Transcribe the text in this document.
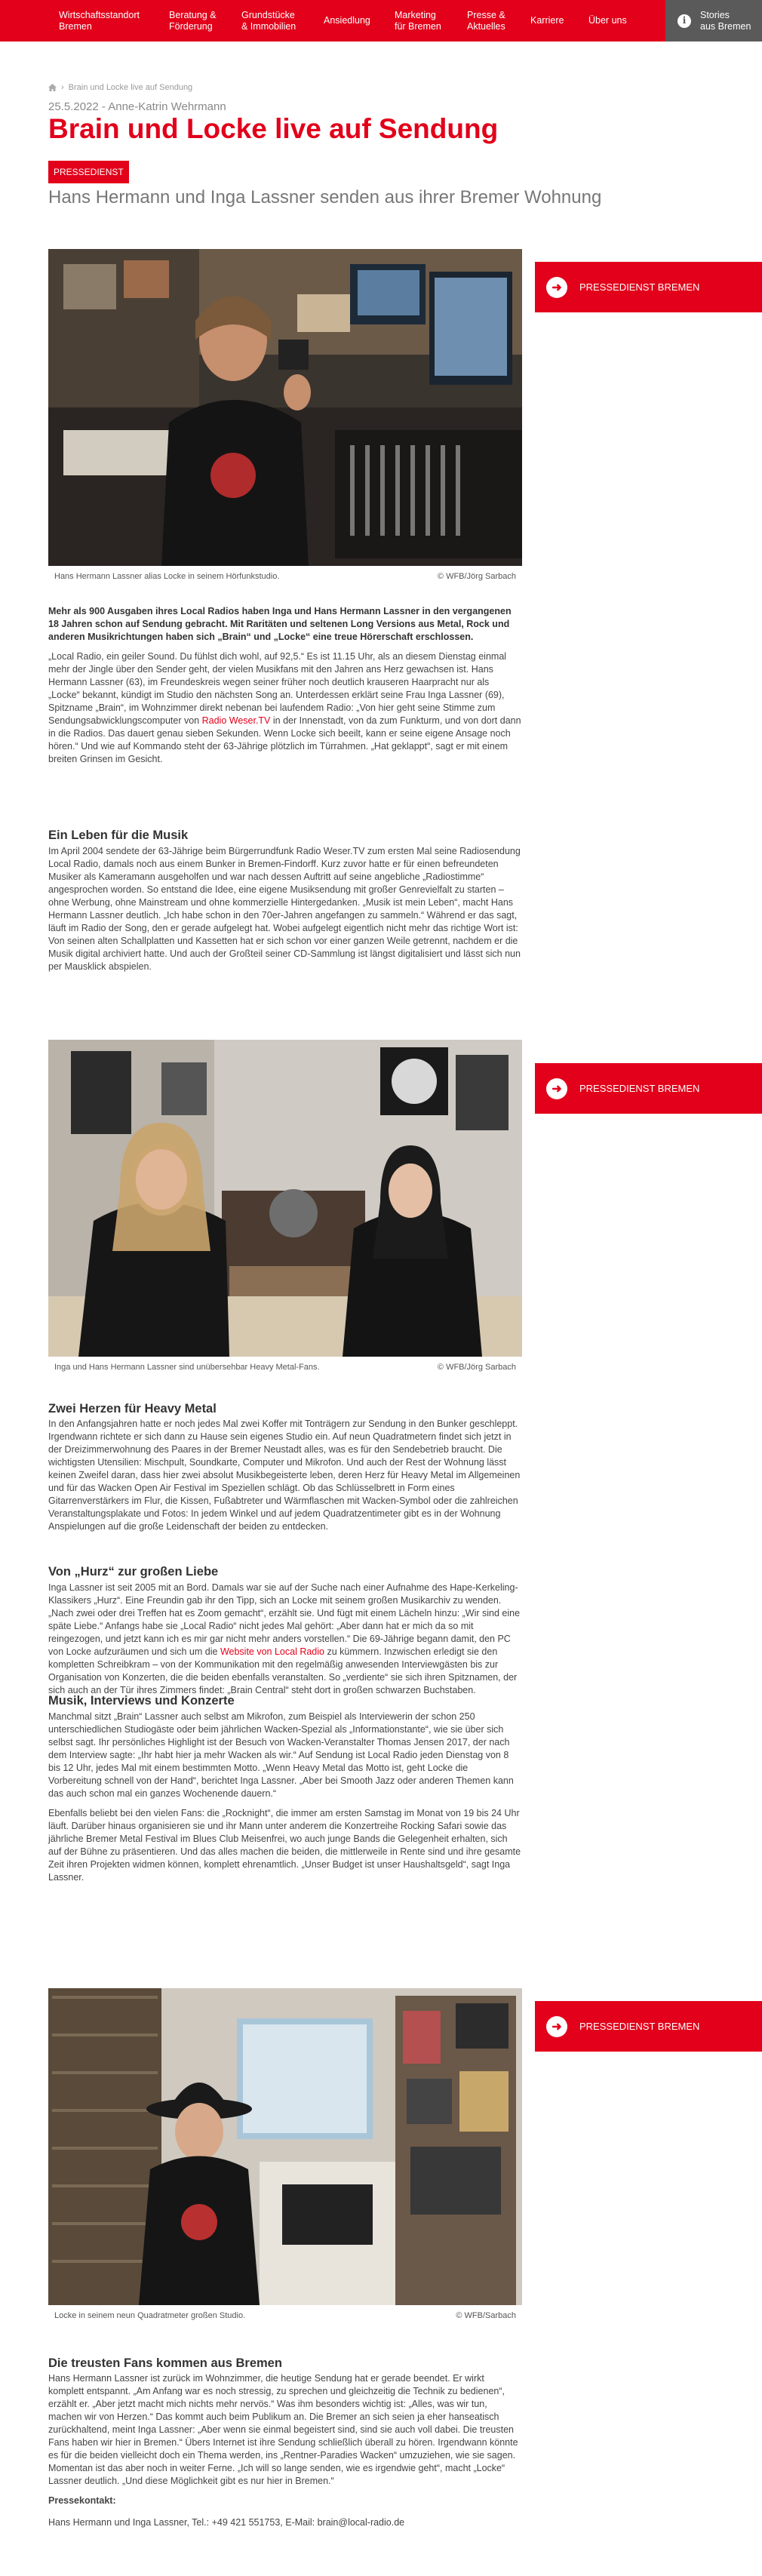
Wirtschaftsstandort
Bremen
Beratung &
Förderung
Grundstücke
& Immobilien
Ansiedlung
Marketing
für Bremen
Presse &
Aktuelles
Karriere	Über uns	i
Stories
aus Bremen
› Brain und Locke live auf Sendung
25.5.2022 - Anne-Katrin Wehrmann
Brain und Locke live auf Sendung
PRESSEDIENST
Hans Hermann und Inga Lassner senden aus ihrer Bremer Wohnung
Hans Hermann Lassner alias Locke in seinem Hörfunkstudio.	© WFB/Jörg Sarbach
➜	PRESSEDIENST BREMEN

Mehr als 900 Ausgaben ihres Local Radios haben Inga und Hans Hermann Lassner in den vergangenen 18 Jahren schon auf Sendung gebracht. Mit Raritäten und seltenen Long Versions aus Metal, Rock und anderen Musikrichtungen haben sich „Brain“ und „Locke“ eine treue Hörerschaft erschlossen.

„Local Radio, ein geiler Sound. Du fühlst dich wohl, auf 92,5.“ Es ist 11.15 Uhr, als an diesem Dienstag einmal mehr der Jingle über den Sender geht, der vielen Musikfans mit den Jahren ans Herz gewachsen ist. Hans Hermann Lassner (63), im Freundeskreis wegen seiner früher noch deutlich krauseren Haarpracht nur als „Locke“ bekannt, kündigt im Studio den nächsten Song an. Unterdessen erklärt seine Frau Inga Lassner (69), Spitzname „Brain“, im Wohnzimmer direkt nebenan bei laufendem Radio: „Von hier geht seine Stimme zum Sendungsabwicklungscomputer von Radio Weser.TV in der Innenstadt, von da zum Funkturm, und von dort dann in die Radios. Das dauert genau sieben Sekunden. Wenn Locke sich beeilt, kann er seine eigene Ansage noch hören.“ Und wie auf Kommando steht der 63-Jährige plötzlich im Türrahmen. „Hat geklappt“, sagt er mit einem breiten Grinsen im Gesicht.

Ein Leben für die Musik

Im April 2004 sendete der 63-Jährige beim Bürgerrundfunk Radio Weser.TV zum ersten Mal seine Radiosendung Local Radio, damals noch aus einem Bunker in Bremen-Findorff. Kurz zuvor hatte er für einen befreundeten Musiker als Kameramann ausgeholfen und war nach dessen Auftritt auf seine angebliche „Radiostimme“ angesprochen worden. So entstand die Idee, eine eigene Musiksendung mit großer Genrevielfalt zu starten – ohne Werbung, ohne Mainstream und ohne kommerzielle Hintergedanken. „Musik ist mein Leben“, macht Hans Hermann Lassner deutlich. „Ich habe schon in den 70er-Jahren angefangen zu sammeln.“ Während er das sagt, läuft im Radio der Song, den er gerade aufgelegt hat. Wobei aufgelegt eigentlich nicht mehr das richtige Wort ist: Von seinen alten Schallplatten und Kassetten hat er sich schon vor einer ganzen Weile getrennt, nachdem er die Musik digital archiviert hatte. Und auch der Großteil seiner CD-Sammlung ist längst digitalisiert und lässt sich nun per Mausklick abspielen.

Inga und Hans Hermann Lassner sind unübersehbar Heavy Metal-Fans.	© WFB/Jörg Sarbach
➜	PRESSEDIENST BREMEN
Zwei Herzen für Heavy Metal

In den Anfangsjahren hatte er noch jedes Mal zwei Koffer mit Tonträgern zur Sendung in den Bunker geschleppt. Irgendwann richtete er sich dann zu Hause sein eigenes Studio ein. Auf neun Quadratmetern findet sich jetzt in der Dreizimmerwohnung des Paares in der Bremer Neustadt alles, was es für den Sendebetrieb braucht. Die wichtigsten Utensilien: Mischpult, Soundkarte, Computer und Mikrofon. Und auch der Rest der Wohnung lässt keinen Zweifel daran, dass hier zwei absolut Musikbegeisterte leben, deren Herz für Heavy Metal im Allgemeinen und für das Wacken Open Air Festival im Speziellen schlägt. Ob das Schlüsselbrett in Form eines Gitarrenverstärkers im Flur, die Kissen, Fußabtreter und Wärmflaschen mit Wacken-Symbol oder die zahlreichen Veranstaltungsplakate und Fotos: In jedem Winkel und auf jedem Quadratzentimeter gibt es in der Wohnung Anspielungen auf die große Leidenschaft der beiden zu entdecken.

Von „Hurz“ zur großen Liebe

Inga Lassner ist seit 2005 mit an Bord. Damals war sie auf der Suche nach einer Aufnahme des Hape-Kerkeling-Klassikers „Hurz“. Eine Freundin gab ihr den Tipp, sich an Locke mit seinem großen Musikarchiv zu wenden. „Nach zwei oder drei Treffen hat es Zoom gemacht“, erzählt sie. Und fügt mit einem Lächeln hinzu: „Wir sind eine späte Liebe.“ Anfangs habe sie „Local Radio“ nicht jedes Mal gehört: „Aber dann hat er mich da so mit reingezogen, und jetzt kann ich es mir gar nicht mehr anders vorstellen.“ Die 69-Jährige begann damit, den PC von Locke aufzuräumen und sich um die Website von Local Radio zu kümmern. Inzwischen erledigt sie den kompletten Schreibkram – von der Kommunikation mit den regelmäßig anwesenden Interviewgästen bis zur Organisation von Konzerten, die die beiden ebenfalls veranstalten. So „verdiente“ sie sich ihren Spitznamen, der sich auch an der Tür ihres Zimmers findet: „Brain Central“ steht dort in großen schwarzen Buchstaben.

Musik, Interviews und Konzerte

Manchmal sitzt „Brain“ Lassner auch selbst am Mikrofon, zum Beispiel als Interviewerin der schon 250 unterschiedlichen Studiogäste oder beim jährlichen Wacken-Spezial als „Informationstante“, wie sie über sich selbst sagt. Ihr persönliches Highlight ist der Besuch von Wacken-Veranstalter Thomas Jensen 2017, der nach dem Interview sagte: „Ihr habt hier ja mehr Wacken als wir.“ Auf Sendung ist Local Radio jeden Dienstag von 8 bis 12 Uhr, jedes Mal mit einem bestimmten Motto. „Wenn Heavy Metal das Motto ist, geht Locke die Vorbereitung schnell von der Hand“, berichtet Inga Lassner. „Aber bei Smooth Jazz oder anderen Themen kann das auch schon mal ein ganzes Wochenende dauern.“

Ebenfalls beliebt bei den vielen Fans: die „Rocknight“, die immer am ersten Samstag im Monat von 19 bis 24 Uhr läuft. Darüber hinaus organisieren sie und ihr Mann unter anderem die Konzertreihe Rocking Safari sowie das jährliche Bremer Metal Festival im Blues Club Meisenfrei, wo auch junge Bands die Gelegenheit erhalten, sich auf der Bühne zu präsentieren. Und das alles machen die beiden, die mittlerweile in Rente sind und ihre gesamte Zeit ihren Projekten widmen können, komplett ehrenamtlich. „Unser Budget ist unser Haushaltsgeld“, sagt Inga Lassner.

Locke in seinem neun Quadratmeter großen Studio.	© WFB/Sarbach
➜	PRESSEDIENST BREMEN
Die treusten Fans kommen aus Bremen

Hans Hermann Lassner ist zurück im Wohnzimmer, die heutige Sendung hat er gerade beendet. Er wirkt komplett entspannt. „Am Anfang war es noch stressig, zu sprechen und gleichzeitig die Technik zu bedienen“, erzählt er. „Aber jetzt macht mich nichts mehr nervös.“ Was ihm besonders wichtig ist: „Alles, was wir tun, machen wir von Herzen.“ Das kommt auch beim Publikum an. Die Bremer an sich seien ja eher hanseatisch zurückhaltend, meint Inga Lassner: „Aber wenn sie einmal begeistert sind, sind sie auch voll dabei. Die treusten Fans haben wir hier in Bremen.“ Übers Internet ist ihre Sendung schließlich überall zu hören. Irgendwann könnte es für die beiden vielleicht doch ein Thema werden, ins „Rentner-Paradies Wacken“ umzuziehen, wie sie sagen. Momentan ist das aber noch in weiter Ferne. „Ich will so lange senden, wie es irgendwie geht“, macht „Locke“ Lassner deutlich. „Und diese Möglichkeit gibt es nur hier in Bremen.“

Pressekontakt:

Hans Hermann und Inga Lassner, Tel.: +49 421 551753, E-Mail: brain@local-radio.de
